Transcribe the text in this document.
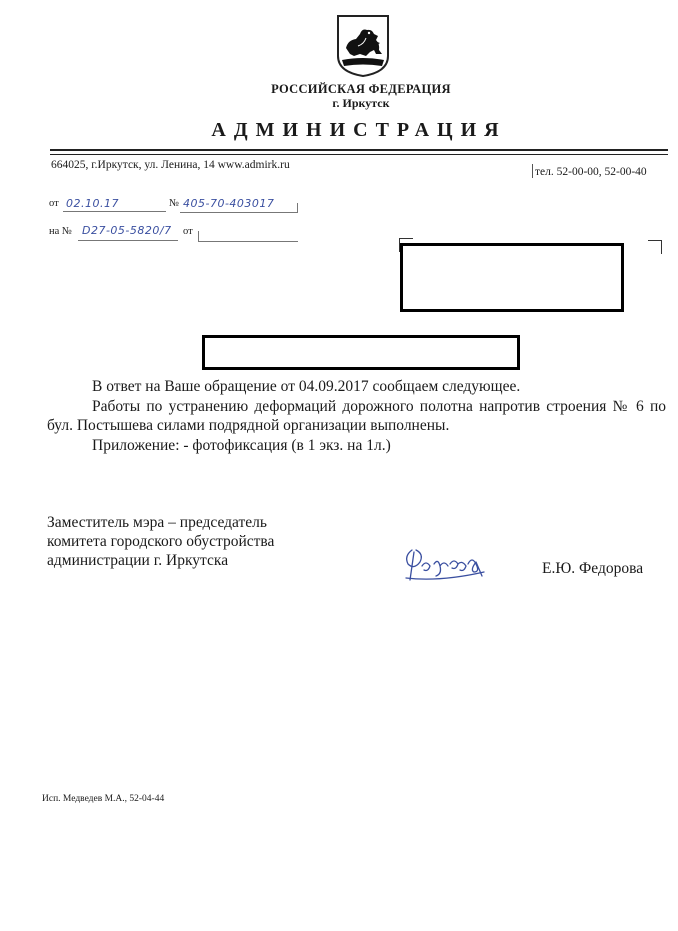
РОССИЙСКАЯ ФЕДЕРАЦИЯ
г. Иркутск
АДМИНИСТРАЦИЯ
664025, г.Иркутск, ул. Ленина, 14 www.admirk.ru
тел. 52-00-00, 52-00-40
от 02.10.17	№ 405-70-403017
на № D27-05-5820/7 от

В ответ на Ваше обращение от 04.09.2017 сообщаем следующее.

Работы по устранению деформаций дорожного полотна напротив строения № 6 по бул. Постышева силами подрядной организации выполнены.

Приложение: - фотофиксация (в 1 экз. на 1л.)

Заместитель мэра – председатель
комитета городского обустройства
администрации г. Иркутска	Е.Ю. Федорова
Исп. Медведев М.А., 52-04-44
